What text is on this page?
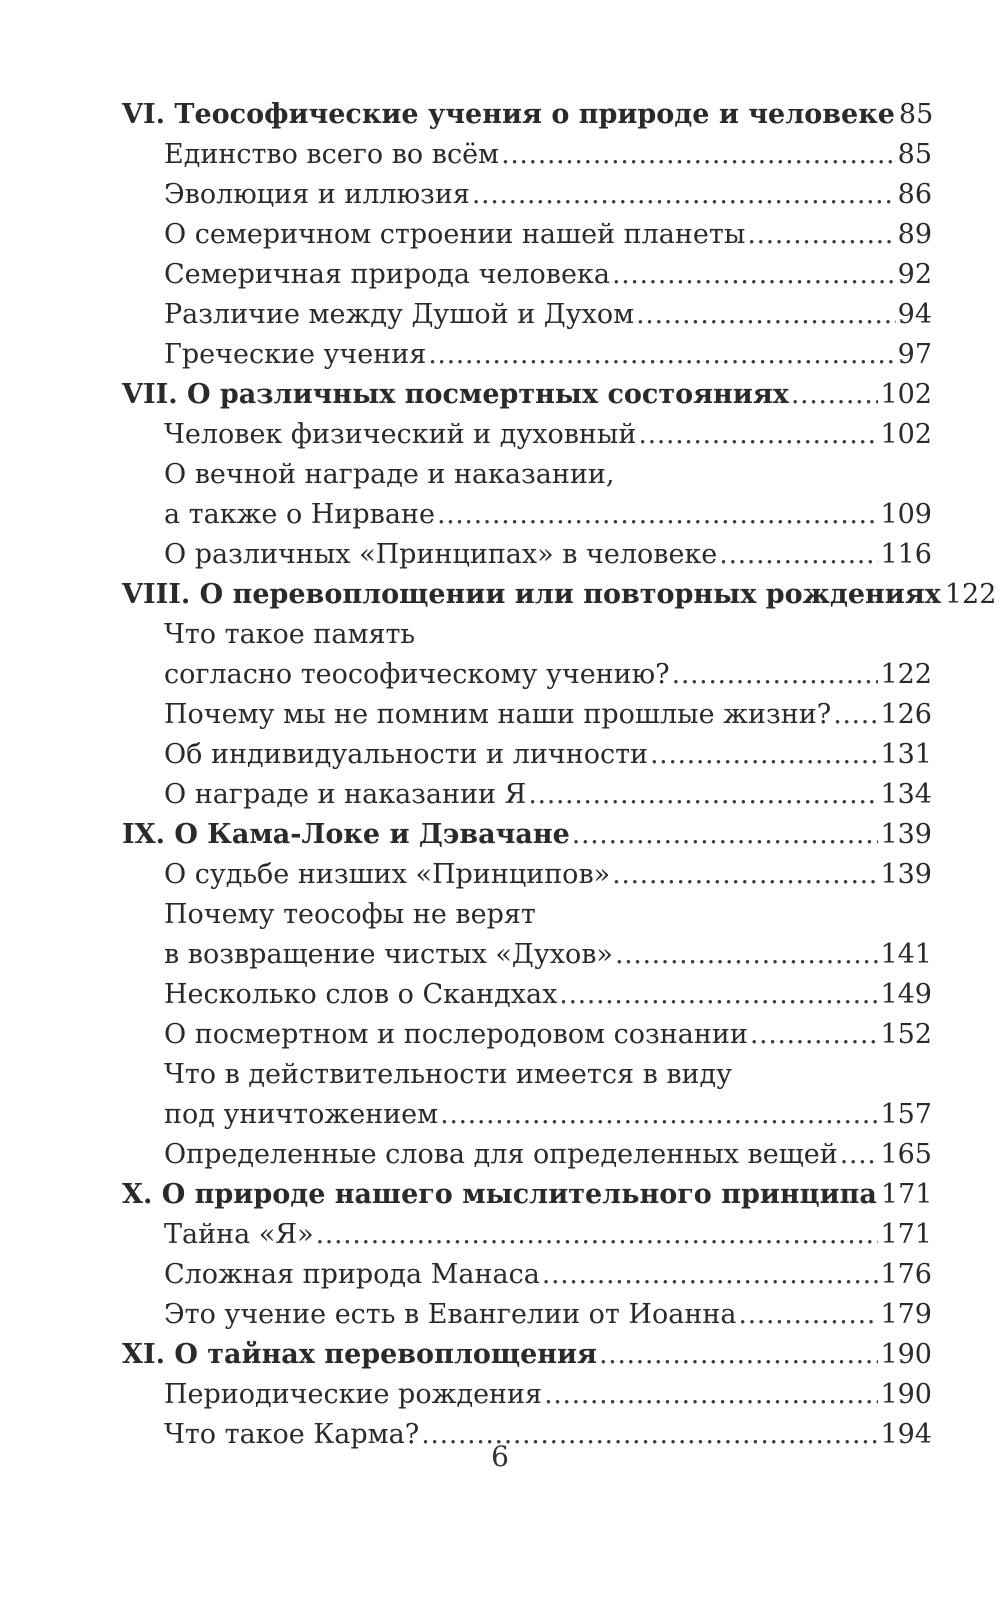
VI. Теософические учения о природе и человеке 85
Единство всего во всём . . .	85
Эволюция и иллюзия . . .	86
О семеричном строении нашей планеты . . .	89
Семеричная природа человека . . .	92
Различие между Душой и Духом . . .	94
Греческие учения . . .	97
VII. О различных посмертных состояниях . . .	102
Человек физический и духовный . . .	102
О вечной награде и наказании,
а также о Нирване . . .	109
О различных «Принципах» в человеке . . .	116
VIII. О перевоплощении или повторных рождениях 122
Что такое память
согласно теософическому учению? . . .	122
Почему мы не помним наши прошлые жизни? . . . 126
Об индивидуальности и личности . . .	131
О награде и наказании Я . . .	134
IX. О Кама-Локе и Дэвачане . . .	139
О судьбе низших «Принципов» . . .	139
Почему теософы не верят
в возвращение чистых «Духов» . . .	141
Несколько слов о Скандхах . . .	149
О посмертном и послеродовом сознании . . .	152
Что в действительности имеется в виду
под уничтожением . . .	157
Определенные слова для определенных вещей . . . 165
X. О природе нашего мыслительного принципа 171
Тайна «Я» . . .	171
Сложная природа Манаса . . .	176
Это учение есть в Евангелии от Иоанна . . .	179
XI. О тайнах перевоплощения . . .	190
Периодические рождения . . .	190
Что такое Карма? . . .	194
6
